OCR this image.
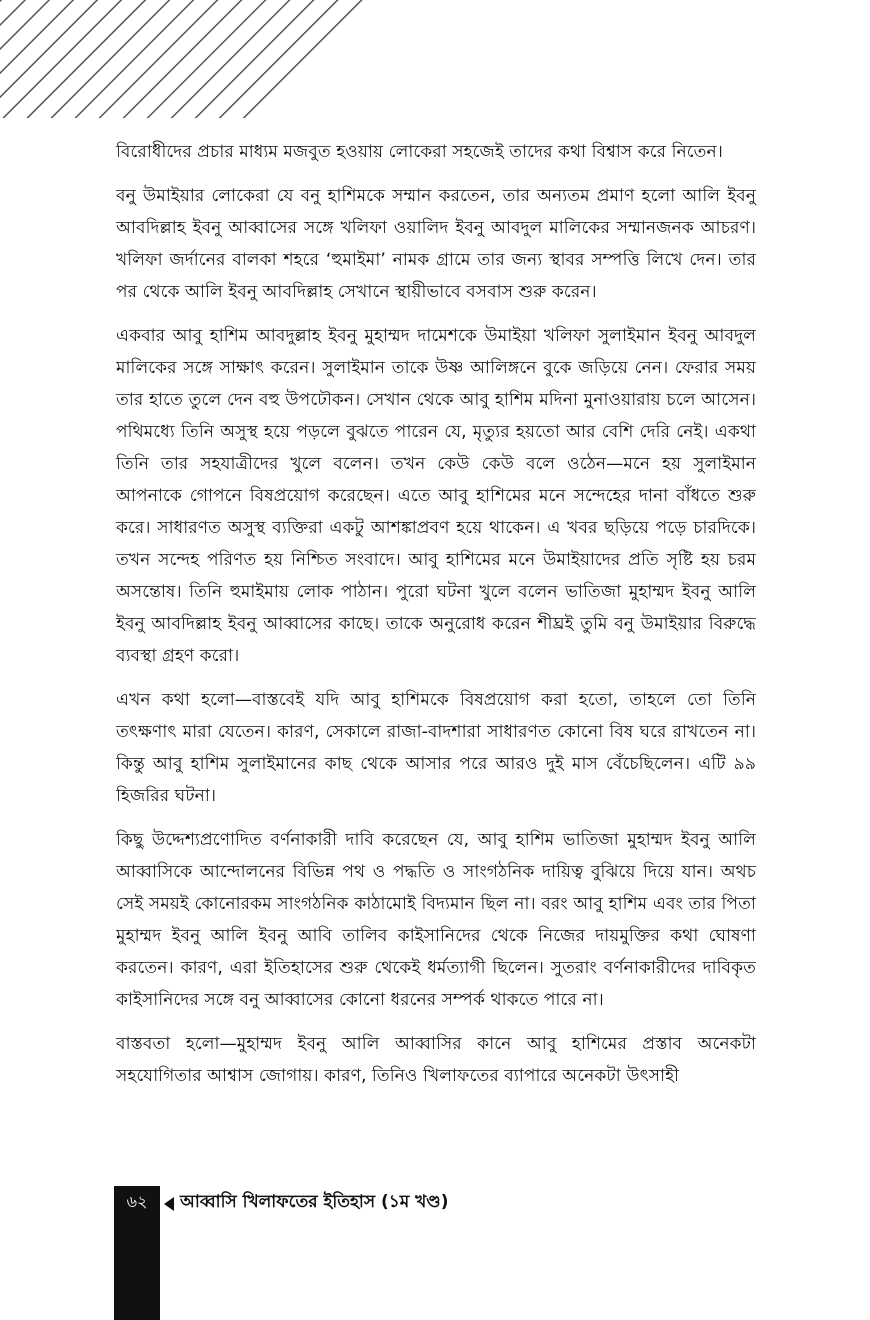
বিরোধীদের প্রচার মাধ্যম মজবুত হওয়ায় লোকেরা সহজেই তাদের কথা বিশ্বাস করে নিতেন।

বনু উমাইয়ার লোকেরা যে বনু হাশিমকে সম্মান করতেন, তার অন্যতম প্রমাণ হলো আলি ইবনু আবদিল্লাহ ইবনু আব্বাসের সঙ্গে খলিফা ওয়ালিদ ইবনু আবদুল মালিকের সম্মানজনক আচরণ। খলিফা জর্দানের বালকা শহরে ‘হুমাইমা’ নামক গ্রামে তার জন্য স্থাবর সম্পত্তি লিখে দেন। তার পর থেকে আলি ইবনু আবদিল্লাহ সেখানে স্থায়ীভাবে বসবাস শুরু করেন।

একবার আবু হাশিম আবদুল্লাহ ইবনু মুহাম্মদ দামেশকে উমাইয়া খলিফা সুলাইমান ইবনু আবদুল মালিকের সঙ্গে সাক্ষাৎ করেন। সুলাইমান তাকে উষ্ণ আলিঙ্গনে বুকে জড়িয়ে নেন। ফেরার সময় তার হাতে তুলে দেন বহু উপঢৌকন। সেখান থেকে আবু হাশিম মদিনা মুনাওয়ারায় চলে আসেন। পথিমধ্যে তিনি অসুস্থ হয়ে পড়লে বুঝতে পারেন যে, মৃত্যুর হয়তো আর বেশি দেরি নেই। একথা তিনি তার সহযাত্রীদের খুলে বলেন। তখন কেউ কেউ বলে ওঠেন—মনে হয় সুলাইমান আপনাকে গোপনে বিষপ্রয়োগ করেছেন। এতে আবু হাশিমের মনে সন্দেহের দানা বাঁধতে শুরু করে। সাধারণত অসুস্থ ব্যক্তিরা একটু আশঙ্কাপ্রবণ হয়ে থাকেন। এ খবর ছড়িয়ে পড়ে চারদিকে। তখন সন্দেহ পরিণত হয় নিশ্চিত সংবাদে। আবু হাশিমের মনে উমাইয়াদের প্রতি সৃষ্টি হয় চরম অসন্তোষ। তিনি হুমাইমায় লোক পাঠান। পুরো ঘটনা খুলে বলেন ভাতিজা মুহাম্মদ ইবনু আলি ইবনু আবদিল্লাহ ইবনু আব্বাসের কাছে। তাকে অনুরোধ করেন শীঘ্রই তুমি বনু উমাইয়ার বিরুদ্ধে ব্যবস্থা গ্রহণ করো।

এখন কথা হলো—বাস্তবেই যদি আবু হাশিমকে বিষপ্রয়োগ করা হতো, তাহলে তো তিনি তৎক্ষণাৎ মারা যেতেন। কারণ, সেকালে রাজা-বাদশারা সাধারণত কোনো বিষ ঘরে রাখতেন না। কিন্তু আবু হাশিম সুলাইমানের কাছ থেকে আসার পরে আরও দুই মাস বেঁচেছিলেন। এটি ৯৯ হিজরির ঘটনা।

কিছু উদ্দেশ্যপ্রণোদিত বর্ণনাকারী দাবি করেছেন যে, আবু হাশিম ভাতিজা মুহাম্মদ ইবনু আলি আব্বাসিকে আন্দোলনের বিভিন্ন পথ ও পদ্ধতি ও সাংগঠনিক দায়িত্ব বুঝিয়ে দিয়ে যান। অথচ সেই সময়ই কোনোরকম সাংগঠনিক কাঠামোই বিদ্যমান ছিল না। বরং আবু হাশিম এবং তার পিতা মুহাম্মদ ইবনু আলি ইবনু আবি তালিব কাইসানিদের থেকে নিজের দায়মুক্তির কথা ঘোষণা করতেন। কারণ, এরা ইতিহাসের শুরু থেকেই ধর্মত্যাগী ছিলেন। সুতরাং বর্ণনাকারীদের দাবিকৃত কাইসানিদের সঙ্গে বনু আব্বাসের কোনো ধরনের সম্পর্ক থাকতে পারে না।

বাস্তবতা হলো—মুহাম্মদ ইবনু আলি আব্বাসির কানে আবু হাশিমের প্রস্তাব অনেকটা সহযোগিতার আশ্বাস জোগায়। কারণ, তিনিও খিলাফতের ব্যাপারে অনেকটা উৎসাহী

৬২	আব্বাসি খিলাফতের ইতিহাস (১ম খণ্ড)
